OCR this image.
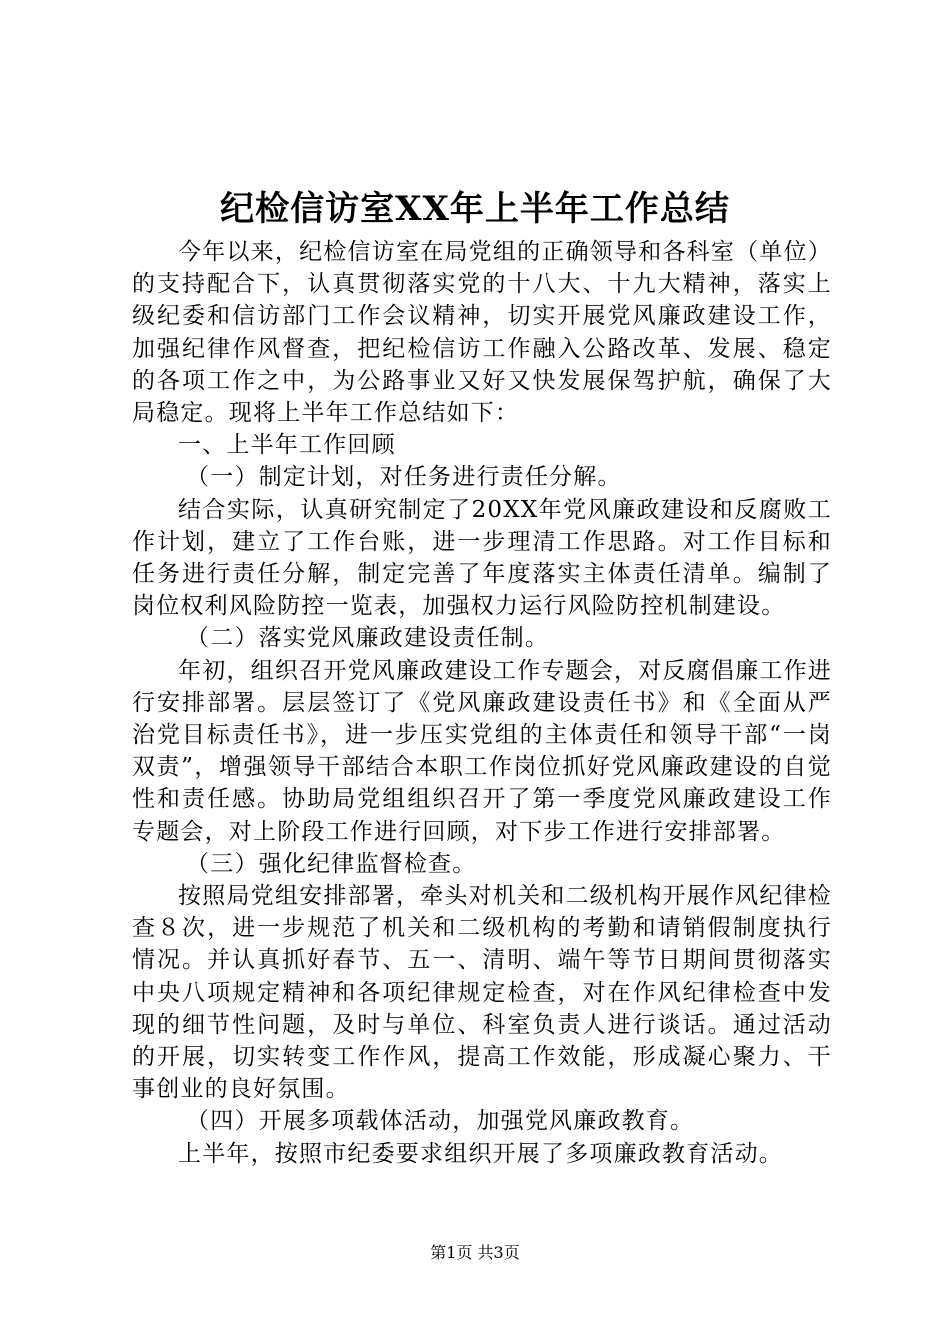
纪检信访室XX年上半年工作总结

今年以来，纪检信访室在局党组的正确领导和各科室（单位）的支持配合下，认真贯彻落实党的十八大、十九大精神，落实上级纪委和信访部门工作会议精神，切实开展党风廉政建设工作，加强纪律作风督查，把纪检信访工作融入公路改革、发展、稳定的各项工作之中，为公路事业又好又快发展保驾护航，确保了大局稳定。现将上半年工作总结如下：

一、上半年工作回顾

（一）制定计划，对任务进行责任分解。

结合实际，认真研究制定了20XX年党风廉政建设和反腐败工作计划，建立了工作台账，进一步理清工作思路。对工作目标和任务进行责任分解，制定完善了年度落实主体责任清单。编制了岗位权利风险防控一览表，加强权力运行风险防控机制建设。

（二）落实党风廉政建设责任制。

年初，组织召开党风廉政建设工作专题会，对反腐倡廉工作进行安排部署。层层签订了《党风廉政建设责任书》和《全面从严治党目标责任书》，进一步压实党组的主体责任和领导干部“一岗双责”，增强领导干部结合本职工作岗位抓好党风廉政建设的自觉性和责任感。协助局党组组织召开了第一季度党风廉政建设工作专题会，对上阶段工作进行回顾，对下步工作进行安排部署。

（三）强化纪律监督检查。

按照局党组安排部署，牵头对机关和二级机构开展作风纪律检查８次，进一步规范了机关和二级机构的考勤和请销假制度执行情况。并认真抓好春节、五一、清明、端午等节日期间贯彻落实中央八项规定精神和各项纪律规定检查，对在作风纪律检查中发现的细节性问题，及时与单位、科室负责人进行谈话。通过活动的开展，切实转变工作作风，提高工作效能，形成凝心聚力、干事创业的良好氛围。

（四）开展多项载体活动，加强党风廉政教育。

上半年，按照市纪委要求组织开展了多项廉政教育活动。

第1页 共3页
